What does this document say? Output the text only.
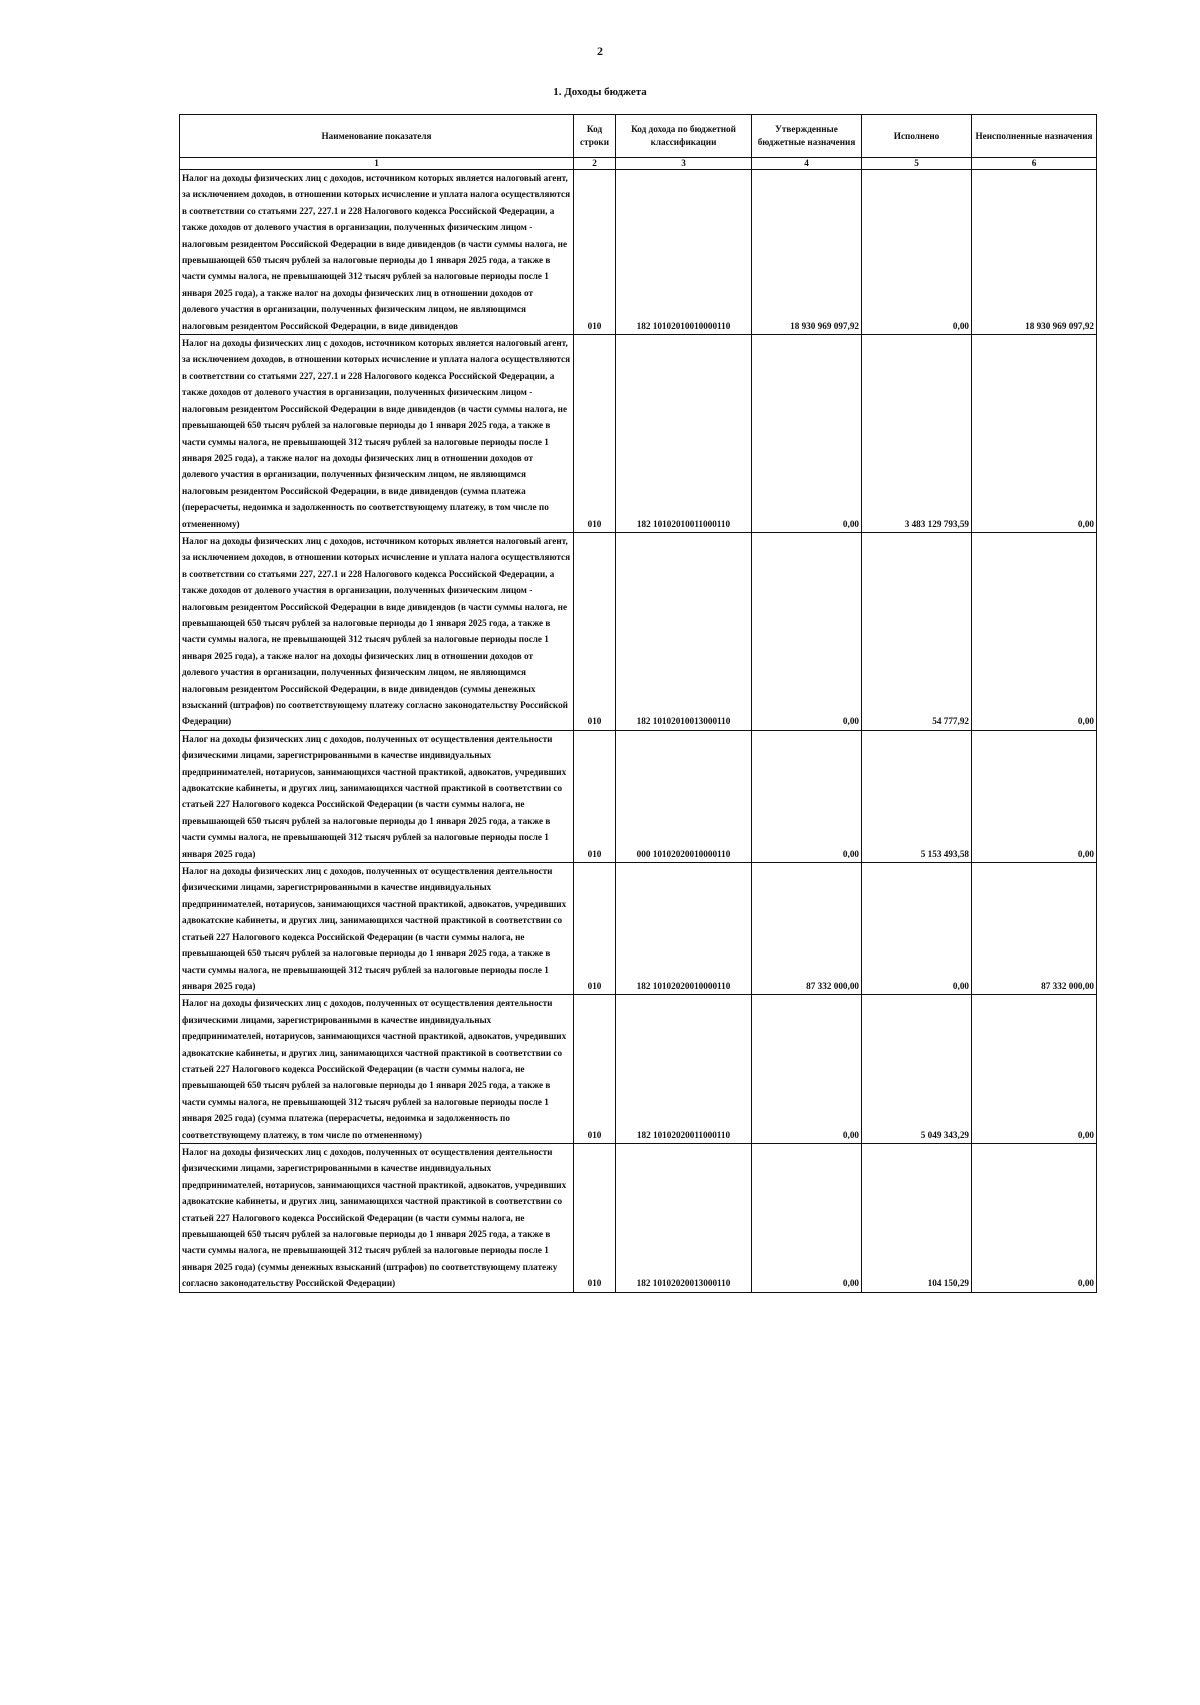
2
1. Доходы бюджета
Наименование показателя	Код строки	Код дохода по бюджетной классификации	Утвержденные бюджетные назначения	Исполнено	Неисполненные назначения
1	2	3	4	5	6
Налог на доходы физических лиц с доходов, источником которых является налоговый агент, за исключением доходов, в отношении которых исчисление и уплата налога осуществляются в соответствии со статьями 227, 227.1 и 228 Налогового кодекса Российской Федерации, а также доходов от долевого участия в организации, полученных физическим лицом - налоговым резидентом Российской Федерации в виде дивидендов (в части суммы налога, не превышающей 650 тысяч рублей за налоговые периоды до 1 января 2025 года, а также в части суммы налога, не превышающей 312 тысяч рублей за налоговые периоды после 1 января 2025 года), а также налог на доходы физических лиц в отношении доходов от долевого участия в организации, полученных физическим лицом, не являющимся налоговым резидентом Российской Федерации, в виде дивидендов	010	182 10102010010000110	18 930 969 097,92	0,00	18 930 969 097,92
Налог на доходы физических лиц с доходов, источником которых является налоговый агент, за исключением доходов, в отношении которых исчисление и уплата налога осуществляются в соответствии со статьями 227, 227.1 и 228 Налогового кодекса Российской Федерации, а также доходов от долевого участия в организации, полученных физическим лицом - налоговым резидентом Российской Федерации в виде дивидендов (в части суммы налога, не превышающей 650 тысяч рублей за налоговые периоды до 1 января 2025 года, а также в части суммы налога, не превышающей 312 тысяч рублей за налоговые периоды после 1 января 2025 года), а также налог на доходы физических лиц в отношении доходов от долевого участия в организации, полученных физическим лицом, не являющимся налоговым резидентом Российской Федерации, в виде дивидендов (сумма платежа (перерасчеты, недоимка и задолженность по соответствующему платежу, в том числе по отмененному)	010	182 10102010011000110	0,00	3 483 129 793,59	0,00
Налог на доходы физических лиц с доходов, источником которых является налоговый агент, за исключением доходов, в отношении которых исчисление и уплата налога осуществляются в соответствии со статьями 227, 227.1 и 228 Налогового кодекса Российской Федерации, а также доходов от долевого участия в организации, полученных физическим лицом - налоговым резидентом Российской Федерации в виде дивидендов (в части суммы налога, не превышающей 650 тысяч рублей за налоговые периоды до 1 января 2025 года, а также в части суммы налога, не превышающей 312 тысяч рублей за налоговые периоды после 1 января 2025 года), а также налог на доходы физических лиц в отношении доходов от долевого участия в организации, полученных физическим лицом, не являющимся налоговым резидентом Российской Федерации, в виде дивидендов (суммы денежных взысканий (штрафов) по соответствующему платежу согласно законодательству Российской Федерации)	010	182 10102010013000110	0,00	54 777,92	0,00
Налог на доходы физических лиц с доходов, полученных от осуществления деятельности физическими лицами, зарегистрированными в качестве индивидуальных предпринимателей, нотариусов, занимающихся частной практикой, адвокатов, учредивших адвокатские кабинеты, и других лиц, занимающихся частной практикой в соответствии со статьей 227 Налогового кодекса Российской Федерации (в части суммы налога, не превышающей 650 тысяч рублей за налоговые периоды до 1 января 2025 года, а также в части суммы налога, не превышающей 312 тысяч рублей за налоговые периоды после 1 января 2025 года)	010	000 10102020010000110	0,00	5 153 493,58	0,00
Налог на доходы физических лиц с доходов, полученных от осуществления деятельности физическими лицами, зарегистрированными в качестве индивидуальных предпринимателей, нотариусов, занимающихся частной практикой, адвокатов, учредивших адвокатские кабинеты, и других лиц, занимающихся частной практикой в соответствии со статьей 227 Налогового кодекса Российской Федерации (в части суммы налога, не превышающей 650 тысяч рублей за налоговые периоды до 1 января 2025 года, а также в части суммы налога, не превышающей 312 тысяч рублей за налоговые периоды после 1 января 2025 года)	010	182 10102020010000110	87 332 000,00	0,00	87 332 000,00
Налог на доходы физических лиц с доходов, полученных от осуществления деятельности физическими лицами, зарегистрированными в качестве индивидуальных предпринимателей, нотариусов, занимающихся частной практикой, адвокатов, учредивших адвокатские кабинеты, и других лиц, занимающихся частной практикой в соответствии со статьей 227 Налогового кодекса Российской Федерации (в части суммы налога, не превышающей 650 тысяч рублей за налоговые периоды до 1 января 2025 года, а также в части суммы налога, не превышающей 312 тысяч рублей за налоговые периоды после 1 января 2025 года) (сумма платежа (перерасчеты, недоимка и задолженность по соответствующему платежу, в том числе по отмененному)	010	182 10102020011000110	0,00	5 049 343,29	0,00
Налог на доходы физических лиц с доходов, полученных от осуществления деятельности физическими лицами, зарегистрированными в качестве индивидуальных предпринимателей, нотариусов, занимающихся частной практикой, адвокатов, учредивших адвокатские кабинеты, и других лиц, занимающихся частной практикой в соответствии со статьей 227 Налогового кодекса Российской Федерации (в части суммы налога, не превышающей 650 тысяч рублей за налоговые периоды до 1 января 2025 года, а также в части суммы налога, не превышающей 312 тысяч рублей за налоговые периоды после 1 января 2025 года) (суммы денежных взысканий (штрафов) по соответствующему платежу согласно законодательству Российской Федерации)	010	182 10102020013000110	0,00	104 150,29	0,00
